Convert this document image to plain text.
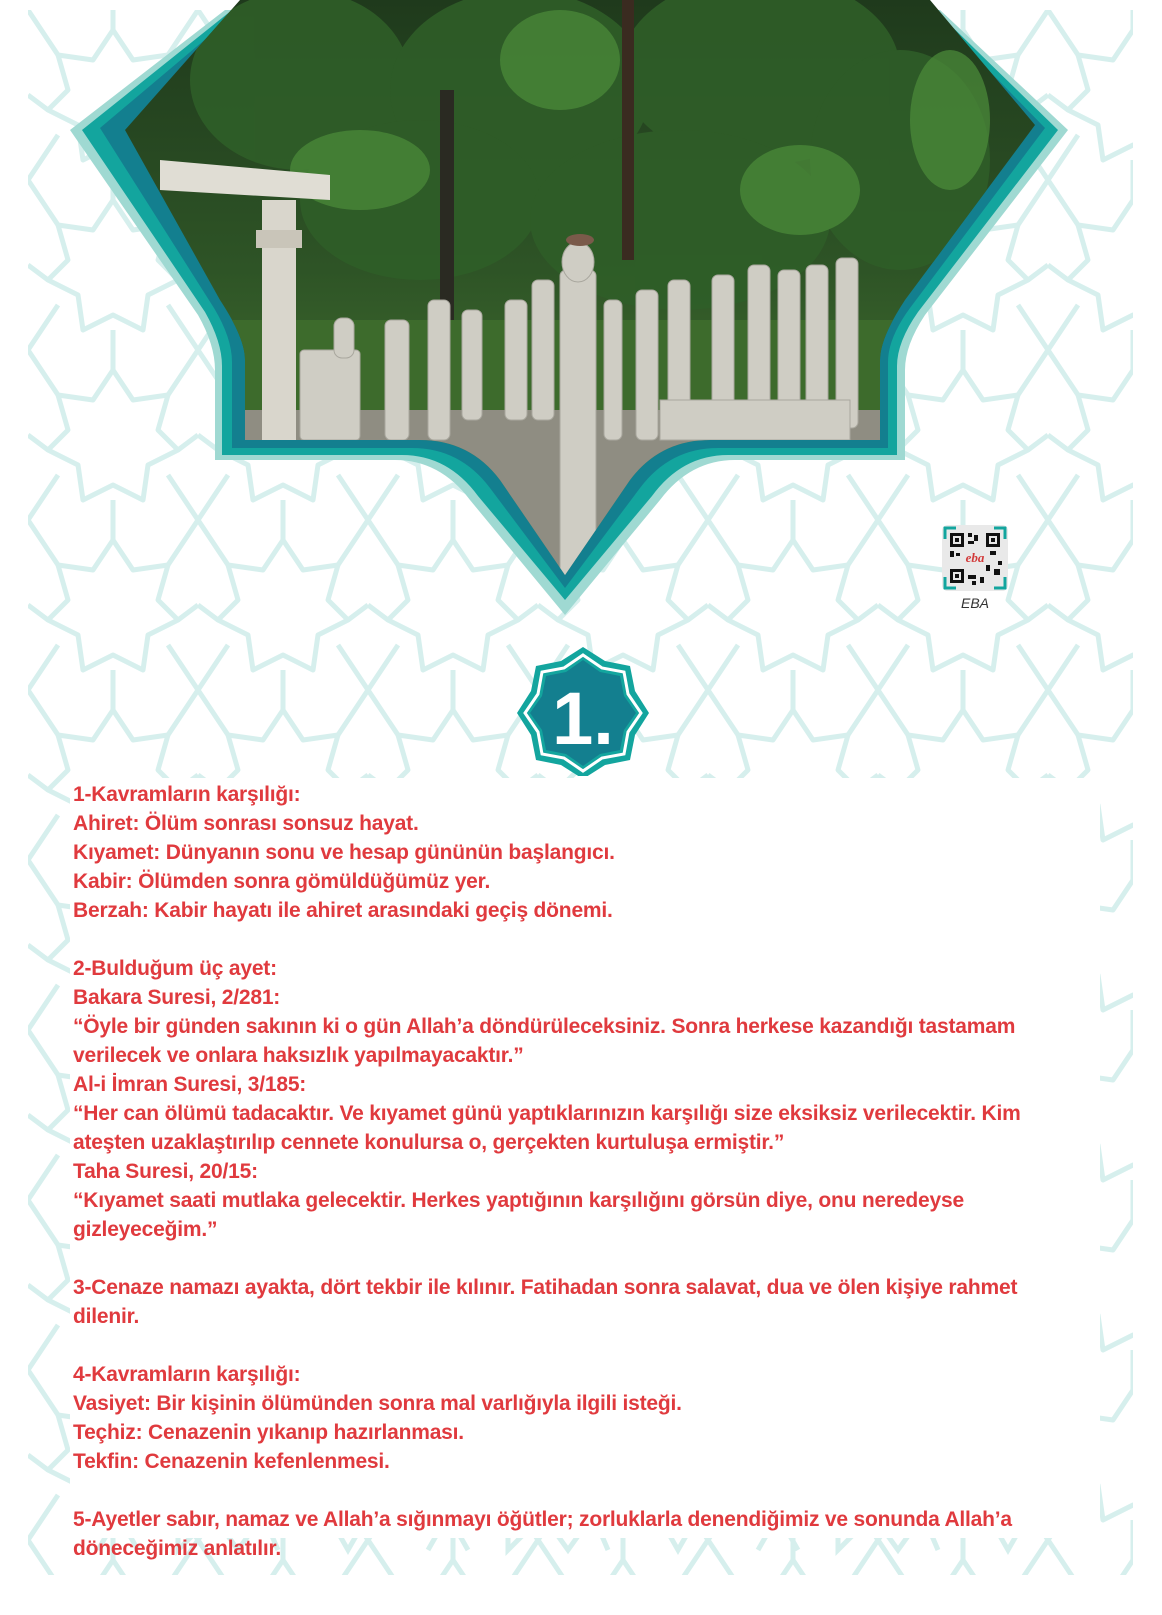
eba
EBA
1.
1-Kavramların karşılığı:
Ahiret: Ölüm sonrası sonsuz hayat.
Kıyamet: Dünyanın sonu ve hesap gününün başlangıcı.
Kabir: Ölümden sonra gömüldüğümüz yer.
Berzah: Kabir hayatı ile ahiret arasındaki geçiş dönemi.
2-Bulduğum üç ayet:
Bakara Suresi, 2/281:
“Öyle bir günden sakının ki o gün Allah’a döndürüleceksiniz. Sonra herkese kazandığı tastamam
verilecek ve onlara haksızlık yapılmayacaktır.”
Al-i İmran Suresi, 3/185:
“Her can ölümü tadacaktır. Ve kıyamet günü yaptıklarınızın karşılığı size eksiksiz verilecektir. Kim
ateşten uzaklaştırılıp cennete konulursa o, gerçekten kurtuluşa ermiştir.”
Taha Suresi, 20/15:
“Kıyamet saati mutlaka gelecektir. Herkes yaptığının karşılığını görsün diye, onu neredeyse
gizleyeceğim.”
3-Cenaze namazı ayakta, dört tekbir ile kılınır. Fatihadan sonra salavat, dua ve ölen kişiye rahmet
dilenir.
4-Kavramların karşılığı:
Vasiyet: Bir kişinin ölümünden sonra mal varlığıyla ilgili isteği.
Teçhiz: Cenazenin yıkanıp hazırlanması.
Tekfin: Cenazenin kefenlenmesi.
5-Ayetler sabır, namaz ve Allah’a sığınmayı öğütler; zorluklarla denendiğimiz ve sonunda Allah’a
döneceğimiz anlatılır.
